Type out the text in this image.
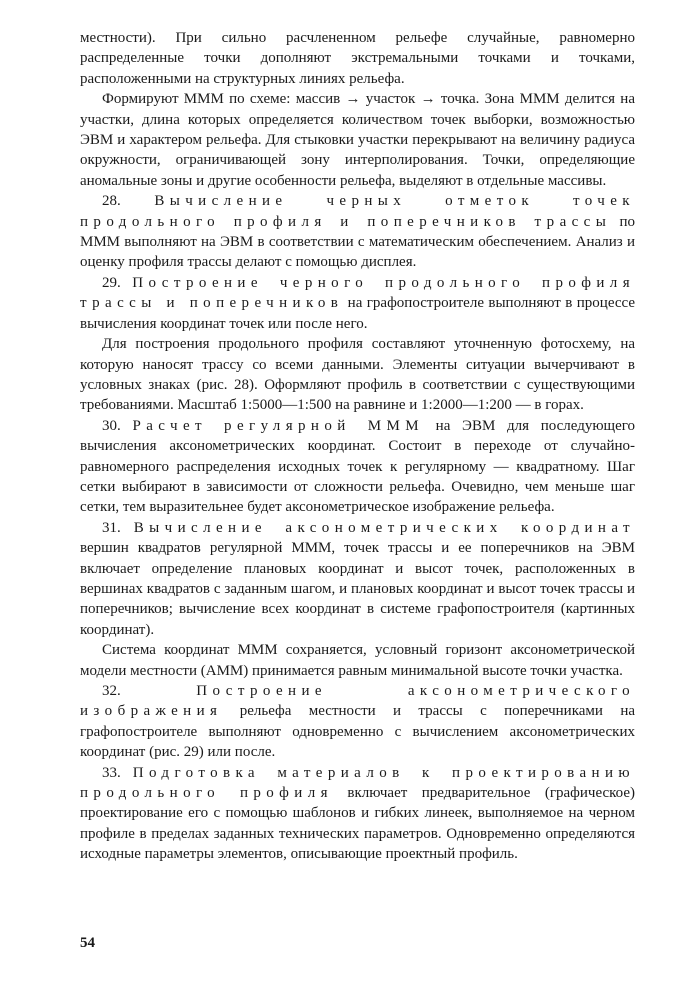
местности). При сильно расчлененном рельефе случайные, равномерно распределенные точки дополняют экстремальными точками и точками, расположенными на структурных линиях рельефа.

Формируют МММ по схеме: массив → участок → точка. Зона МММ делится на участки, длина которых определяется количеством точек выборки, возможностью ЭВМ и характером рельефа. Для стыковки участки перекрывают на величину радиуса окружности, ограничивающей зону интерполирования. Точки, определяющие аномальные зоны и другие особенности рельефа, выделяют в отдельные массивы.

28. Вычисление черных отметок точек продольного профиля и поперечников трассы по МММ выполняют на ЭВМ в соответствии с математическим обеспечением. Анализ и оценку профиля трассы делают с помощью дисплея.

29. Построение черного продольного профиля трассы и поперечников на графопостроителе выполняют в процессе вычисления координат точек или после него.

Для построения продольного профиля составляют уточненную фотосхему, на которую наносят трассу со всеми данными. Элементы ситуации вычерчивают в условных знаках (рис. 28). Оформляют профиль в соответствии с существующими требованиями. Масштаб 1:5000—1:500 на равнине и 1:2000—1:200 — в горах.

30. Расчет регулярной МММ на ЭВМ для последующего вычисления аксонометрических координат. Состоит в переходе от случайно-равномерного распределения исходных точек к регулярному — квадратному. Шаг сетки выбирают в зависимости от сложности рельефа. Очевидно, чем меньше шаг сетки, тем выразительнее будет аксонометрическое изображение рельефа.

31. Вычисление аксонометрических координат вершин квадратов регулярной МММ, точек трассы и ее поперечников на ЭВМ включает определение плановых координат и высот точек, расположенных в вершинах квадратов с заданным шагом, и плановых координат и высот точек трассы и поперечников; вычисление всех координат в системе графопостроителя (картинных координат).

Система координат МММ сохраняется, условный горизонт аксонометрической модели местности (АММ) принимается равным минимальной высоте точки участка.

32.	Построение аксонометрического изображения рельефа местности и трассы с поперечниками на графопостроителе выполняют одновременно с вычислением аксонометрических координат (рис. 29) или после.

33. Подготовка материалов к проектированию продольного профиля включает предварительное (графическое) проектирование его с помощью шаблонов и гибких линеек, выполняемое на черном профиле в пределах заданных технических параметров. Одновременно определяются исходные параметры элементов, описывающие проектный профиль.

54
